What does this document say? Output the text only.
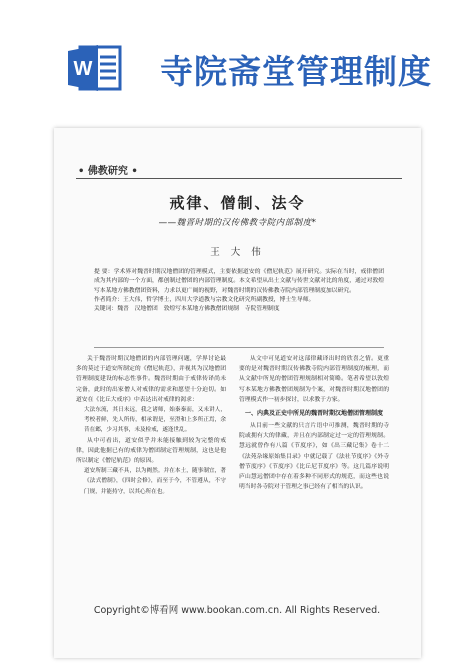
W 寺院斋堂管理制度
• 佛教研究 •
戒律、僧制、法令
——魏晋时期的汉传佛教寺院内部制度*
王 大 伟

提 要：学术界对魏晋时期汉地僧团的管理模式，主要依据道安的《僧尼轨范》展开研究。实际在当时，戒律僧团成为其内部的一个方面，都创制过僧团的内部管理制度。本文希望从出土文献与传世文献对比的角度，通过对敦煌写本某地方佛教僧团资料，力求以更广阔的视野，对魏晋时期的汉传佛教寺院内部管理制度加以研究。

作者简介：王大伟，哲学博士，四川大学道教与宗教文化研究所副教授，博士生导师。

关键词：魏晋　汉地僧团　敦煌写本某地方佛教僧团规制　寺院管理制度

关于魏晋时期汉地僧团的内部管理问题，学界讨论最多的莫过于道安所制定的《僧尼轨范》，并视其为汉地僧团管理制度建设的标志性事件。魏晋时期由于戒律传译尚未完备，此时的出家僧人对戒律的需求和愿望十分迫切。如道安在《比丘大戒序》中表达出对戒律的渴求：

大法东流，其日未远，我之诸师，始秦秦而，又未讲人，考校者鲜，先人所传，相承谓是，至澄和上多所正焉，余昔在邺，少习其事，未及检戒，遂逢世乱。

从中可看出，道安似乎并未能接触到较为完整的戒律，因此他据已有的戒律为僧团制定管理规制，这也是他所以制定《僧尼轨范》的原因。

道安所制三藏不具，以为阙然。并在本土，随事制宜，著《法式僧制》，《四时会修》，而至于今，不管遵从，不守门规，并能持守，以其心所在也。

从文中可见道安对这部律藏译出时的欣喜之情。更重要的是对魏晋时期汉传佛教寺院内部管理制度的梳理，而从文献中所见的僧团管理规制相对简略。笔者希望以敦煌写本某地方佛教僧团规制为个案，对魏晋时期汉地僧团的管理模式作一初步探讨，以求教于方家。

一、内典及正史中所见的魏晋时期汉地僧团管理制度

从目前一些文献的只言片语中可推测，魏晋时期的寺院或拥有大的律藏，并且在内部制定过一定的管理规制。慧远就曾作有八篇《节度序》，如《出三藏记集》卷十二《法苑杂缘原始集目录》中就记载了《法社节度序》《外寺僧节度序》《节度序》《比丘尼节度序》等。这几篇序说明庐山慧远僧团中存在着多种不同形式的规范，而这些也说明当时各寺院对于管理之事已经有了相当的认识。

Copyright©博看网 www.bookan.com.cn. All Rights Reserved.
